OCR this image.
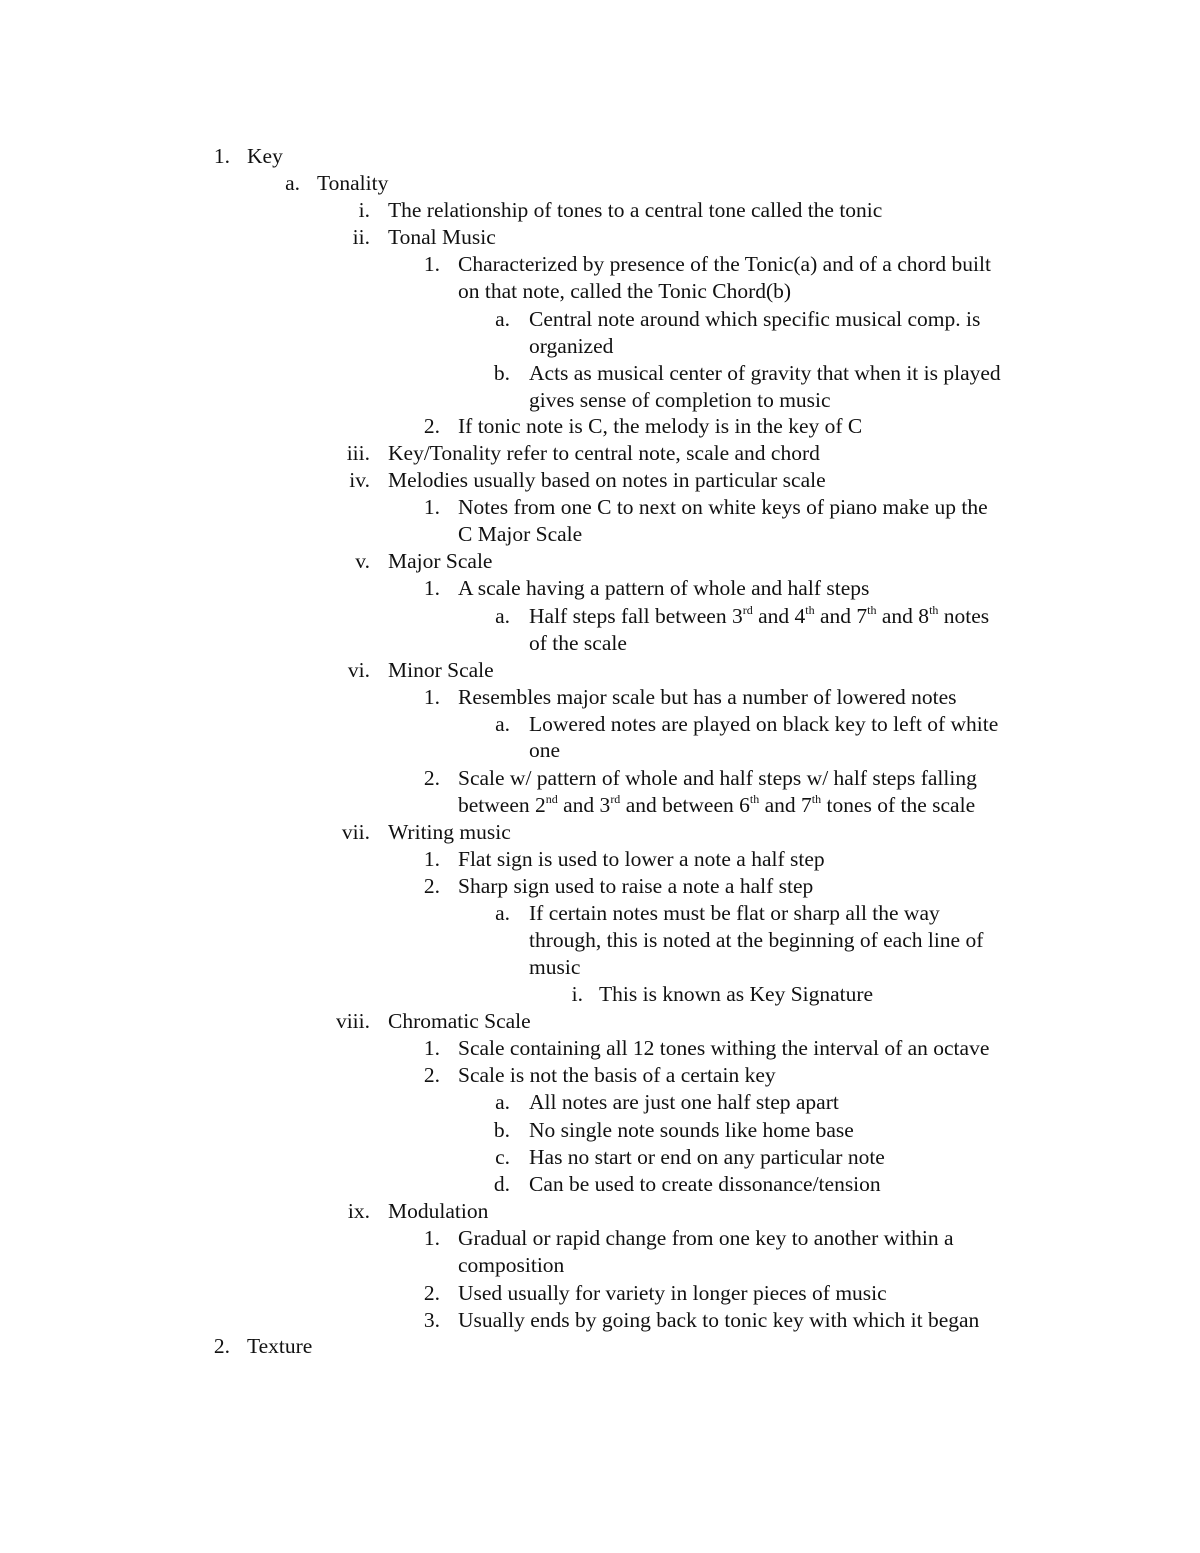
1. Key
a. Tonality
i. The relationship of tones to a central tone called the tonic
ii. Tonal Music
1. Characterized by presence of the Tonic(a) and of a chord built
on that note, called the Tonic Chord(b)
a. Central note around which specific musical comp. is
organized
b. Acts as musical center of gravity that when it is played
gives sense of completion to music
2. If tonic note is C, the melody is in the key of C
iii. Key/Tonality refer to central note, scale and chord
iv. Melodies usually based on notes in particular scale
1. Notes from one C to next on white keys of piano make up the
C Major Scale
v. Major Scale
1. A scale having a pattern of whole and half steps
a. Half steps fall between 3rd and 4th and 7th and 8th notes
of the scale
vi. Minor Scale
1. Resembles major scale but has a number of lowered notes
a. Lowered notes are played on black key to left of white
one
2. Scale w/ pattern of whole and half steps w/ half steps falling
between 2nd and 3rd and between 6th and 7th tones of the scale
vii. Writing music
1. Flat sign is used to lower a note a half step
2. Sharp sign used to raise a note a half step
a. If certain notes must be flat or sharp all the way
through, this is noted at the beginning of each line of
music
i. This is known as Key Signature
viii. Chromatic Scale
1. Scale containing all 12 tones withing the interval of an octave
2. Scale is not the basis of a certain key
a. All notes are just one half step apart
b. No single note sounds like home base
c. Has no start or end on any particular note
d. Can be used to create dissonance/tension
ix. Modulation
1. Gradual or rapid change from one key to another within a
composition
2. Used usually for variety in longer pieces of music
3. Usually ends by going back to tonic key with which it began
2. Texture
